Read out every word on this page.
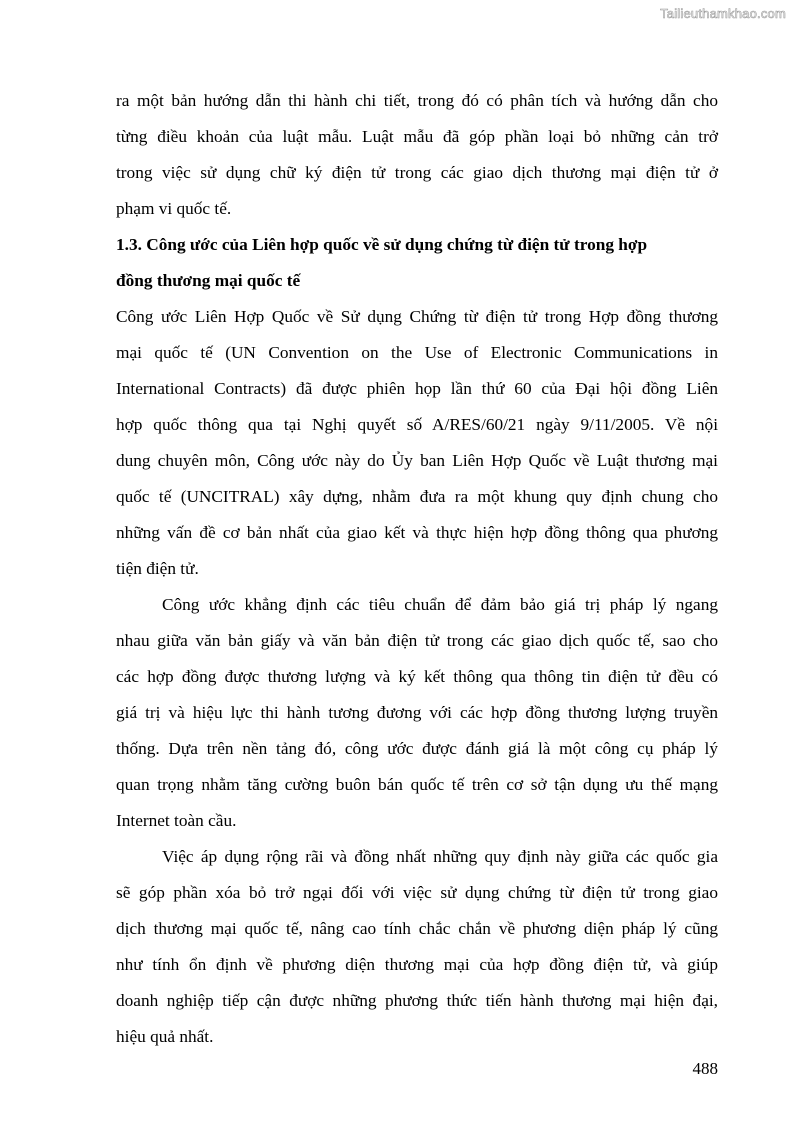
Tailieuthamkhao.com
ra một bản hướng dẫn thi hành chi tiết, trong đó có phân tích và hướng dẫn cho
từng điều khoản của luật mẫu. Luật mẫu đã góp phần loại bỏ những cản trở
trong việc sử dụng chữ ký điện tử trong các giao dịch thương mại điện tử ở
phạm vi quốc tế.
1.3. Công ước của Liên hợp quốc về sử dụng chứng từ điện tử trong hợp
đồng thương mại quốc tế
Công ước Liên Hợp Quốc về Sử dụng Chứng từ điện tử trong Hợp đồng thương
mại quốc tế (UN Convention on the Use of Electronic Communications in
International Contracts) đã được phiên họp lần thứ 60 của Đại hội đồng Liên
hợp quốc thông qua tại Nghị quyết số A/RES/60/21 ngày 9/11/2005. Về nội
dung chuyên môn, Công ước này do Ủy ban Liên Hợp Quốc về Luật thương mại
quốc tế (UNCITRAL) xây dựng, nhằm đưa ra một khung quy định chung cho
những vấn đề cơ bản nhất của giao kết và thực hiện hợp đồng thông qua phương
tiện điện tử.
Công ước khẳng định các tiêu chuẩn để đảm bảo giá trị pháp lý ngang
nhau giữa văn bản giấy và văn bản điện tử trong các giao dịch quốc tế, sao cho
các hợp đồng được thương lượng và ký kết thông qua thông tin điện tử đều có
giá trị và hiệu lực thi hành tương đương với các hợp đồng thương lượng truyền
thống. Dựa trên nền tảng đó, công ước được đánh giá là một công cụ pháp lý
quan trọng nhằm tăng cường buôn bán quốc tế trên cơ sở tận dụng ưu thế mạng
Internet toàn cầu.
Việc áp dụng rộng rãi và đồng nhất những quy định này giữa các quốc gia
sẽ góp phần xóa bỏ trở ngại đối với việc sử dụng chứng từ điện tử trong giao
dịch thương mại quốc tế, nâng cao tính chắc chắn về phương diện pháp lý cũng
như tính ổn định về phương diện thương mại của hợp đồng điện tử, và giúp
doanh nghiệp tiếp cận được những phương thức tiến hành thương mại hiện đại,
hiệu quả nhất.
488
